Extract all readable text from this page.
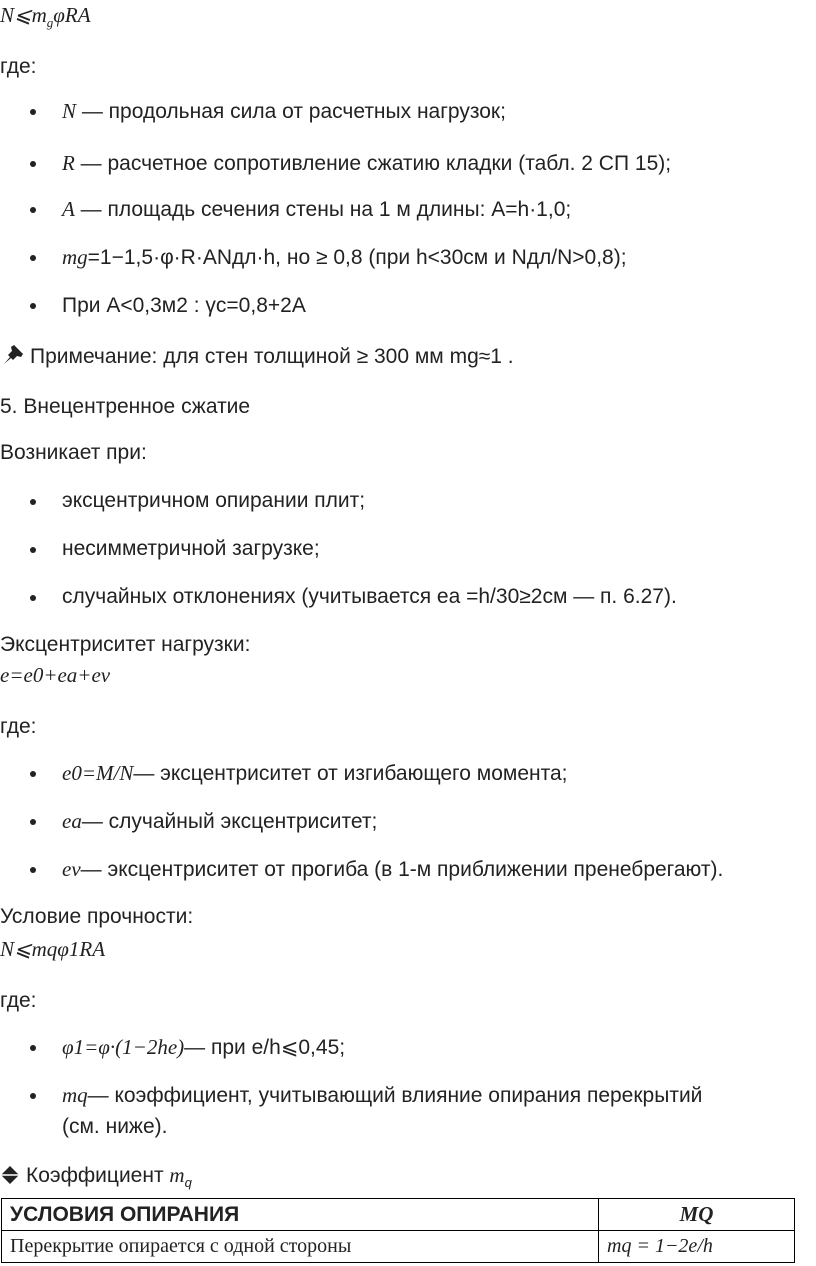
$N⩽m_g\varphi RA$
где:
N — продольная сила от расчетных нагрузок;
R — расчетное сопротивление сжатию кладки (табл. 2 СП 15);
A — площадь сечения стены на 1 м длины: A=h·1,0;
mg=1−1,5·φ·R·ANдл·h, но ≥ 0,8 (при h<30см и Nдл/N>0,8);
При A<0,3м2 : γc=0,8+2A
Примечание: для стен толщиной ≥ 300 мм mg≈1 .
5. Внецентренное сжатие
Возникает при:
эксцентричном опирании плит;
несимметричной загрузке;
случайных отклонениях (учитывается ea =h/30≥2см — п. 6.27).
Эксцентриситет нагрузки:
e=e0+ea+ev
где:
e0=M/N— эксцентриситет от изгибающего момента;
ea— случайный эксцентриситет;
ev— эксцентриситет от прогиба (в 1-м приближении пренебрегают).
Условие прочности:
N⩽mqφ1RA
где:
φ1=φ·(1−2he)— при e/h⩽0,45;
mq— коэффициент, учитывающий влияние опирания перекрытий
(см. ниже).
Коэффициент $m_q$
УСЛОВИЯ ОПИРАНИЯ	MQ
Перекрытие опирается с одной стороны	mq = 1−2e/h
